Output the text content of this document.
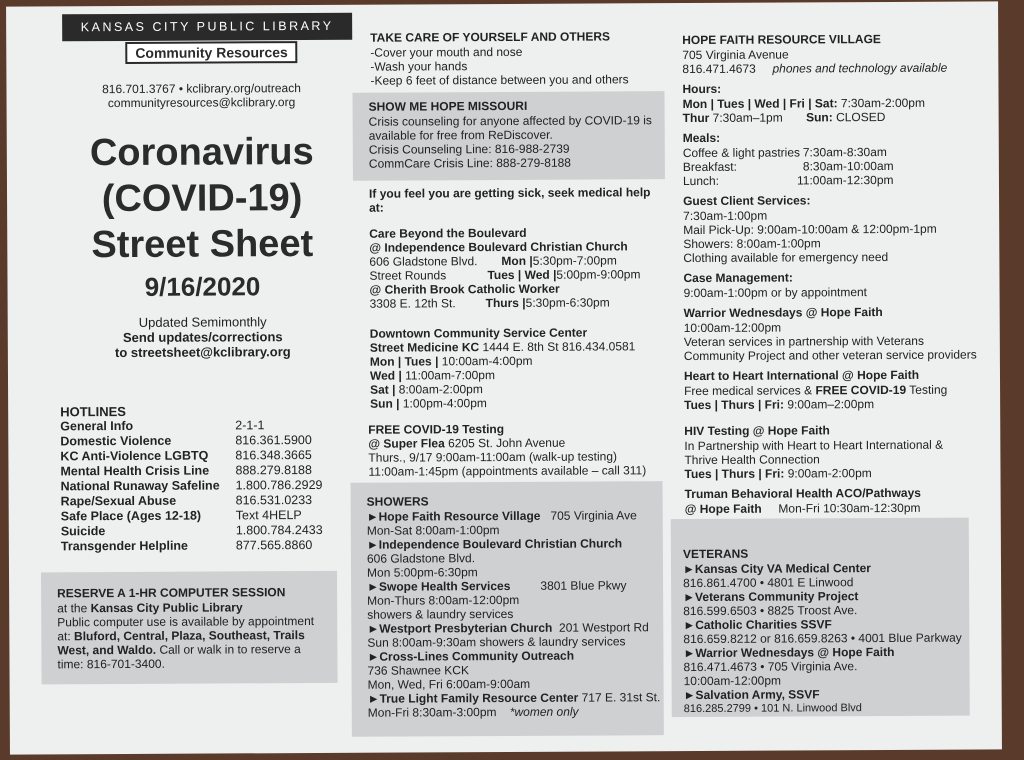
KANSAS CITY PUBLIC LIBRARY
Community Resources
816.701.3767 • kclibrary.org/outreach
communityresources@kclibrary.org
Coronavirus
(COVID-19)
Street Sheet
9/16/2020
Updated Semimonthly
Send updates/corrections
to streetsheet@kclibrary.org
HOTLINES
General Info	2-1-1
Domestic Violence	816.361.5900
KC Anti-Violence LGBTQ	816.348.3665
Mental Health Crisis Line	888.279.8188
National Runaway Safeline	1.800.786.2929
Rape/Sexual Abuse	816.531.0233
Safe Place (Ages 12-18)	Text 4HELP
Suicide	1.800.784.2433
Transgender Helpline	877.565.8860
RESERVE A 1-HR COMPUTER SESSION
at the Kansas City Public Library
Public computer use is available by appointment
at: Bluford, Central, Plaza, Southeast, Trails
West, and Waldo. Call or walk in to reserve a
time: 816-701-3400.
TAKE CARE OF YOURSELF AND OTHERS
-Cover your mouth and nose
-Wash your hands
-Keep 6 feet of distance between you and others
SHOW ME HOPE MISSOURI
Crisis counseling for anyone affected by COVID-19 is
available for free from ReDiscover.
Crisis Counseling Line: 816-988-2739
CommCare Crisis Line: 888-279-8188
If you feel you are getting sick, seek medical help
at:
Care Beyond the Boulevard
@ Independence Boulevard Christian Church
606 Gladstone Blvd.	Mon | 5:30pm-7:00pm
Street Rounds	Tues | Wed | 5:00pm-9:00pm
@ Cherith Brook Catholic Worker
3308 E. 12th St.	Thurs | 5:30pm-6:30pm
Downtown Community Service Center
Street Medicine KC 1444 E. 8th St 816.434.0581
Mon | Tues | 10:00am-4:00pm
Wed | 11:00am-7:00pm
Sat | 8:00am-2:00pm
Sun | 1:00pm-4:00pm
FREE COVID-19 Testing
@ Super Flea 6205 St. John Avenue
Thurs., 9/17 9:00am-11:00am (walk-up testing)
11:00am-1:45pm (appointments available – call 311)
SHOWERS
►Hope Faith Resource Village 705 Virginia Ave
Mon-Sat 8:00am-1:00pm
►Independence Boulevard Christian Church
606 Gladstone Blvd.
Mon 5:00pm-6:30pm
►Swope Health Services 3801 Blue Pkwy
Mon-Thurs 8:00am-12:00pm
showers & laundry services
►Westport Presbyterian Church 201 Westport Rd
Sun 8:00am-9:30am showers & laundry services
►Cross-Lines Community Outreach
736 Shawnee KCK
Mon, Wed, Fri 6:00am-9:00am
►True Light Family Resource Center 717 E. 31st St.
Mon-Fri 8:30am-3:00pm *women only
HOPE FAITH RESOURCE VILLAGE
705 Virginia Avenue
816.471.4673 phones and technology available
Hours:
Mon | Tues | Wed | Fri | Sat: 7:30am-2:00pm
Thur 7:30am–1pm Sun: CLOSED
Meals:
Coffee & light pastries 7:30am-8:30am
Breakfast:	8:30am-10:00am
Lunch:	11:00am-12:30pm
Guest Client Services:
7:30am-1:00pm
Mail Pick-Up: 9:00am-10:00am & 12:00pm-1pm
Showers: 8:00am-1:00pm
Clothing available for emergency need
Case Management:
9:00am-1:00pm or by appointment
Warrior Wednesdays @ Hope Faith
10:00am-12:00pm
Veteran services in partnership with Veterans
Community Project and other veteran service providers
Heart to Heart International @ Hope Faith
Free medical services & FREE COVID-19 Testing
Tues | Thurs | Fri: 9:00am–2:00pm
HIV Testing @ Hope Faith
In Partnership with Heart to Heart International &
Thrive Health Connection
Tues | Thurs | Fri: 9:00am-2:00pm
Truman Behavioral Health ACO/Pathways
@ Hope Faith Mon-Fri 10:30am-12:30pm
VETERANS
►Kansas City VA Medical Center
816.861.4700 • 4801 E Linwood
►Veterans Community Project
816.599.6503 • 8825 Troost Ave.
►Catholic Charities SSVF
816.659.8212 or 816.659.8263 • 4001 Blue Parkway
►Warrior Wednesdays @ Hope Faith
816.471.4673 • 705 Virginia Ave.
10:00am-12:00pm
►Salvation Army, SSVF
816.285.2799 • 101 N. Linwood Blvd
